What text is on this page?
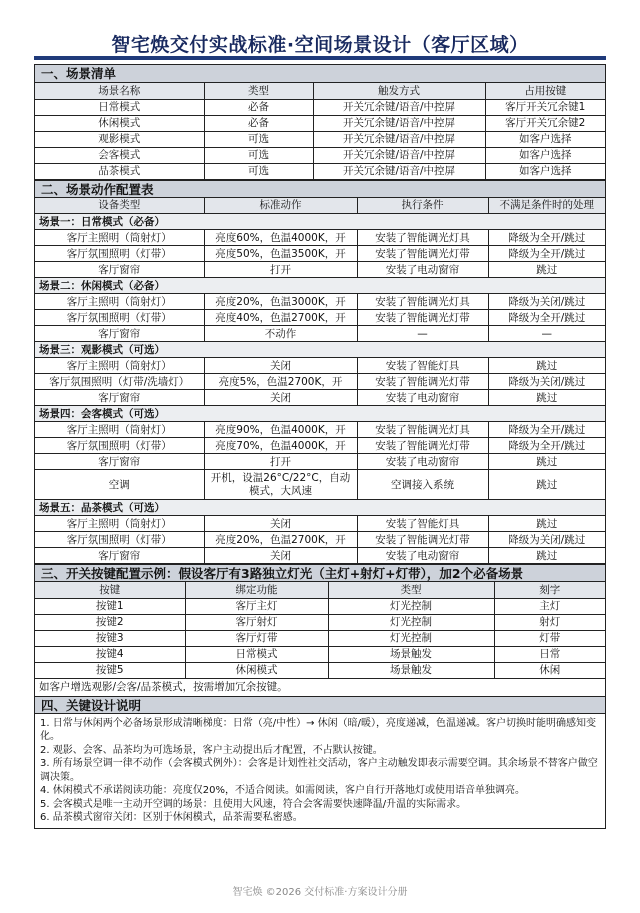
智宅焕交付实战标准·空间场景设计（客厅区域）
一、场景清单
场景名称	类型	触发方式	占用按键
日常模式	必备	开关冗余键/语音/中控屏	客厅开关冗余键1
休闲模式	必备	开关冗余键/语音/中控屏	客厅开关冗余键2
观影模式	可选	开关冗余键/语音/中控屏	如客户选择
会客模式	可选	开关冗余键/语音/中控屏	如客户选择
品茶模式	可选	开关冗余键/语音/中控屏	如客户选择
二、场景动作配置表
设备类型	标准动作	执行条件	不满足条件时的处理
场景一：日常模式（必备）			
客厅主照明（筒射灯）	亮度60%，色温4000K，开	安装了智能调光灯具	降级为全开/跳过
客厅氛围照明（灯带）	亮度50%，色温3500K，开	安装了智能调光灯带	降级为全开/跳过
客厅窗帘	打开	安装了电动窗帘	跳过
场景二：休闲模式（必备）			
客厅主照明（筒射灯）	亮度20%，色温3000K，开	安装了智能调光灯具	降级为关闭/跳过
客厅氛围照明（灯带）	亮度40%，色温2700K，开	安装了智能调光灯带	降级为全开/跳过
客厅窗帘	不动作	—	—
场景三：观影模式（可选）			
客厅主照明（筒射灯）	关闭	安装了智能灯具	跳过
客厅氛围照明（灯带/洗墙灯）	亮度5%，色温2700K，开	安装了智能调光灯带	降级为关闭/跳过
客厅窗帘	关闭	安装了电动窗帘	跳过
场景四：会客模式（可选）			
客厅主照明（筒射灯）	亮度90%，色温4000K，开	安装了智能调光灯具	降级为全开/跳过
客厅氛围照明（灯带）	亮度70%，色温4000K，开	安装了智能调光灯带	降级为全开/跳过
客厅窗帘	打开	安装了电动窗帘	跳过
空调	开机，设温26°C/22°C，自动模式，大风速	空调接入系统	跳过
场景五：品茶模式（可选）			
客厅主照明（筒射灯）	关闭	安装了智能灯具	跳过
客厅氛围照明（灯带）	亮度20%，色温2700K，开	安装了智能调光灯带	降级为关闭/跳过
客厅窗帘	关闭	安装了电动窗帘	跳过
三、开关按键配置示例：假设客厅有3路独立灯光（主灯+射灯+灯带），加2个必备场景
按键	绑定功能	类型	刻字
按键1	客厅主灯	灯光控制	主灯
按键2	客厅射灯	灯光控制	射灯
按键3	客厅灯带	灯光控制	灯带
按键4	日常模式	场景触发	日常
按键5	休闲模式	场景触发	休闲
如客户增选观影/会客/品茶模式，按需增加冗余按键。
四、关键设计说明

1. 日常与休闲两个必备场景形成清晰梯度：日常（亮/中性）→ 休闲（暗/暖），亮度递减，色温递减。客户切换时能明确感知变化。

2. 观影、会客、品茶均为可选场景，客户主动提出后才配置，不占默认按键。

3. 所有场景空调一律不动作（会客模式例外）：会客是计划性社交活动，客户主动触发即表示需要空调。其余场景不替客户做空调决策。

4. 休闲模式不承诺阅读功能：亮度仅20%，不适合阅读。如需阅读，客户自行开落地灯或使用语音单独调亮。

5. 会客模式是唯一主动开空调的场景：且使用大风速，符合会客需要快速降温/升温的实际需求。

6. 品茶模式窗帘关闭：区别于休闲模式，品茶需要私密感。

智宅焕 ©2026 交付标准·方案设计分册
